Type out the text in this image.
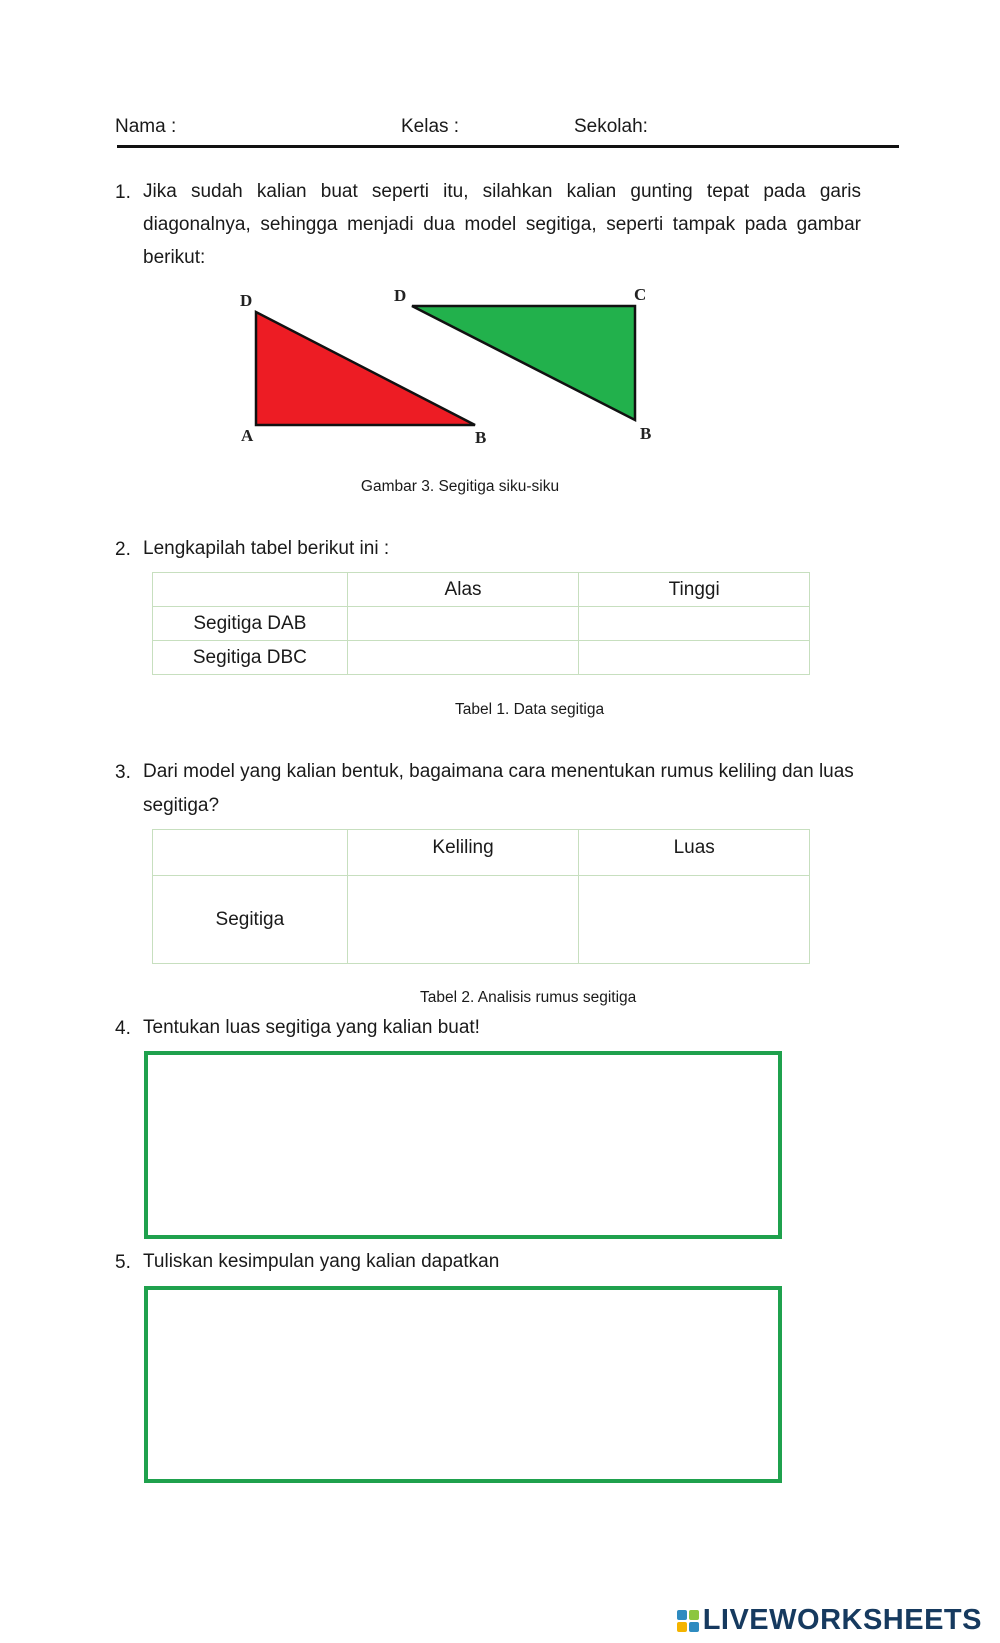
Nama :	Kelas :	Sekolah:
1. Jika sudah kalian buat seperti itu, silahkan kalian gunting tepat pada garis
diagonalnya, sehingga menjadi dua model segitiga, seperti tampak pada gambar
berikut:
D
A	B
D	C
B
Gambar 3. Segitiga siku-siku
2. Lengkapilah tabel berikut ini :
	Alas	Tinggi
Segitiga DAB		
Segitiga DBC		
Tabel 1. Data segitiga
3. Dari model yang kalian bentuk, bagaimana cara menentukan rumus keliling dan luas
segitiga?
	Keliling	Luas
Segitiga		
Tabel 2. Analisis rumus segitiga
4. Tentukan luas segitiga yang kalian buat!
5. Tuliskan kesimpulan yang kalian dapatkan
LIVEWORKSHEETS
